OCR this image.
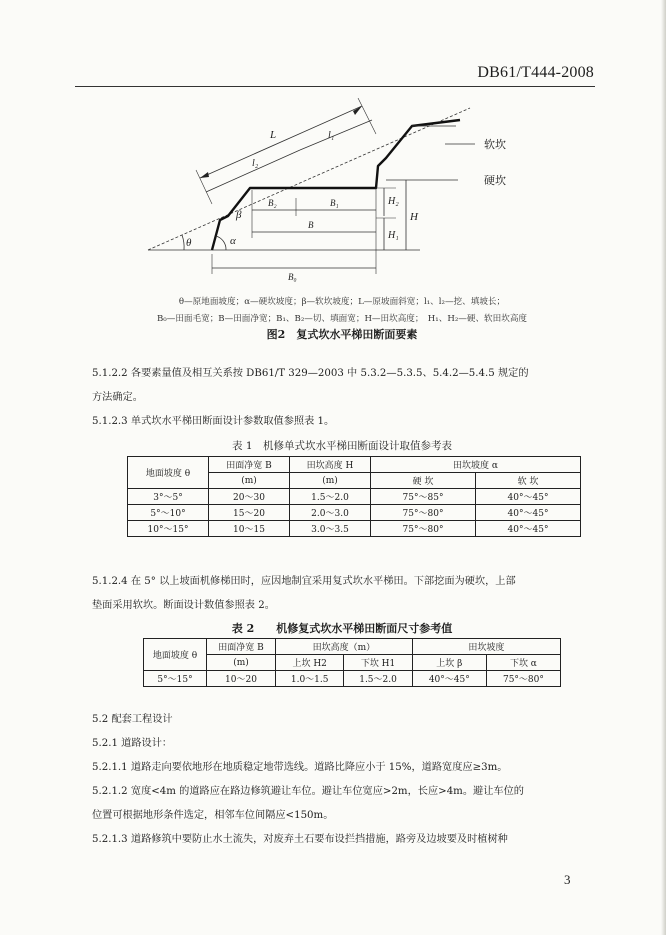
DB61/T444-2008
L
l₂
l₁
H₂
H₁
H
B₂	B₁
B
B₀
θ	α
β
软坎
硬坎

θ—原地面坡度；α—硬坎坡度；β—软坎坡度；L—原坡面斜宽；l₁、l₂—挖、填坡长；

B₀—田面毛宽；B—田面净宽；B₁、B₂—切、填面宽；H—田坎高度；　H₁、H₂—硬、软田坎高度

图2　复式坎水平梯田断面要素

5.1.2.2 各要素量值及相互关系按 DB61/T 329—2003 中 5.3.2—5.3.5、5.4.2—5.4.5 规定的

方法确定。

5.1.2.3 单式坎水平梯田断面设计参数取值参照表 1。

表 1　机修单式坎水平梯田断面设计取值参考表
地面坡度 θ	田面净宽 B	田坎高度 H	田坎坡度 α	
	(m)	(m)	硬 坎	软 坎
3°～5°	20～30	1.5～2.0	75°～85°	40°～45°
5°～10°	15～20	2.0～3.0	75°～80°	40°～45°
10°～15°	10～15	3.0～3.5	75°～80°	40°～45°

5.1.2.4 在 5° 以上坡面机修梯田时，应因地制宜采用复式坎水平梯田。下部挖面为硬坎，上部

垫面采用软坎。断面设计数值参照表 2。

表 2　　机修复式坎水平梯田断面尺寸参考值
地面坡度 θ	田面净宽 B	田坎高度（m）		田坎坡度	
	(m)	上坎 H2	下坎 H1	上坎 β	下坎 α
5°～15°	10～20	1.0～1.5	1.5～2.0	40°～45°	75°～80°

5.2 配套工程设计

5.2.1 道路设计：

5.2.1.1 道路走向要依地形在地质稳定地带选线。道路比降应小于 15%，道路宽度应≥3m。

5.2.1.2 宽度<4m 的道路应在路边修筑避让车位。避让车位宽应>2m，长应>4m。避让车位的

位置可根据地形条件选定，相邻车位间隔应<150m。

5.2.1.3 道路修筑中要防止水土流失，对废弃土石要布设拦挡措施，路旁及边坡要及时植树种

3
